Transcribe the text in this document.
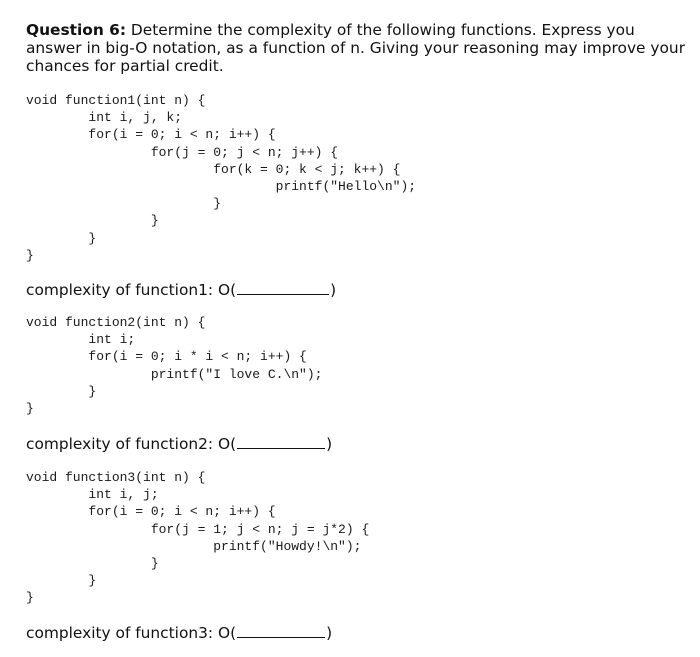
Question 6: Determine the complexity of the following functions. Express you answer in big-O notation, as a function of n. Giving your reasoning may improve your chances for partial credit.
void function1(int n) {
int i, j, k;
for(i = 0; i < n; i++) {
for(j = 0; j < n; j++) {
for(k = 0; k < j; k++) {
printf("Hello\n");
}
}
}
}
complexity of function1: O(	)
void function2(int n) {
int i;
for(i = 0; i * i < n; i++) {
printf("I love C.\n");
}
}
complexity of function2: O(	)
void function3(int n) {
int i, j;
for(i = 0; i < n; i++) {
for(j = 1; j < n; j = j*2) {
printf("Howdy!\n");
}
}
}
complexity of function3: O(	)
